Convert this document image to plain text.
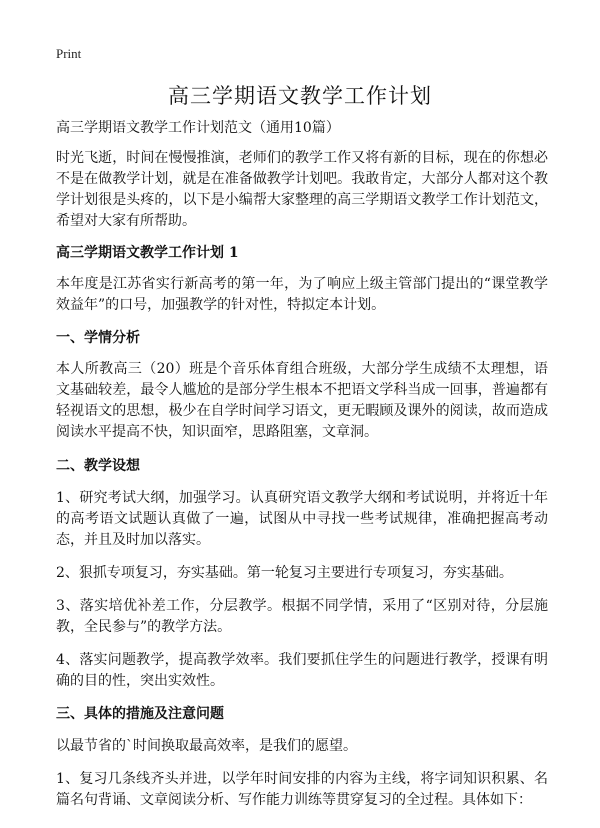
Print
高三学期语文教学工作计划

高三学期语文教学工作计划范文（通用10篇）

时光飞逝，时间在慢慢推演，老师们的教学工作又将有新的目标，现在的你想必不是在做教学计划，就是在准备做教学计划吧。我敢肯定，大部分人都对这个教学计划很是头疼的，以下是小编帮大家整理的高三学期语文教学工作计划范文，希望对大家有所帮助。

高三学期语文教学工作计划 1

本年度是江苏省实行新高考的第一年，为了响应上级主管部门提出的“课堂教学效益年”的口号，加强教学的针对性，特拟定本计划。

一、学情分析

本人所教高三（20）班是个音乐体育组合班级，大部分学生成绩不太理想，语文基础较差，最令人尴尬的是部分学生根本不把语文学科当成一回事，普遍都有轻视语文的思想，极少在自学时间学习语文，更无暇顾及课外的阅读，故而造成阅读水平提高不快，知识面窄，思路阻塞，文章洞。

二、教学设想

1、研究考试大纲，加强学习。认真研究语文教学大纲和考试说明，并将近十年的高考语文试题认真做了一遍，试图从中寻找一些考试规律，准确把握高考动态，并且及时加以落实。

2、狠抓专项复习，夯实基础。第一轮复习主要进行专项复习，夯实基础。

3、落实培优补差工作，分层教学。根据不同学情，采用了“区别对待，分层施教，全民参与”的教学方法。

4、落实问题教学，提高教学效率。我们要抓住学生的问题进行教学，授课有明确的目的性，突出实效性。

三、具体的措施及注意问题

以最节省的`时间换取最高效率，是我们的愿望。

1、复习几条线齐头并进，以学年时间安排的内容为主线，将字词知识积累、名篇名句背诵、文章阅读分析、写作能力训练等贯穿复习的全过程。具体如下：
